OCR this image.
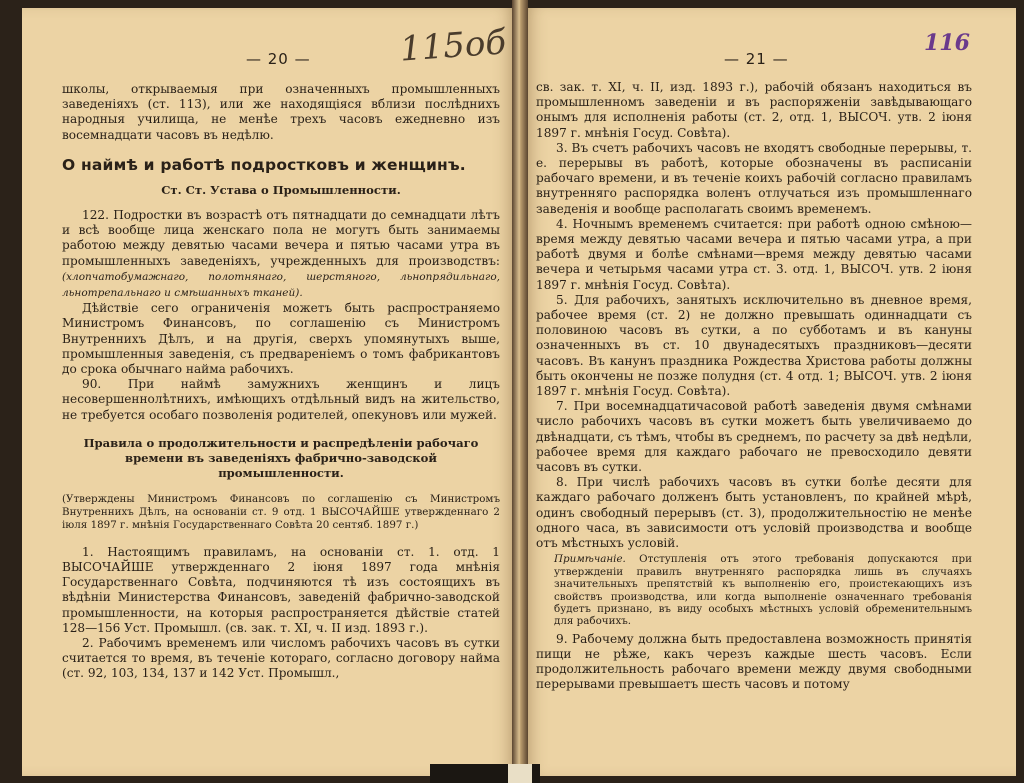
— 20 —	115об

школы, открываемыя при означенныхъ промышленныхъ заведенiяхъ (ст. 113), или же находящiяся вблизи послѣднихъ народныя училища, не менѣе трехъ часовъ ежедневно изъ восемнадцати часовъ въ недѣлю.

О наймѣ и работѣ подростковъ и женщинъ.

Ст. Ст. Устава о Промышленности.

122. Подростки въ возрастѣ отъ пятнадцати до семнадцати лѣтъ и всѣ вообще лица женскаго пола не могутъ быть занимаемы работою между девятью часами вечера и пятью часами утра въ промышленныхъ заведенiяхъ, учрежденныхъ для производствъ: (хлопчатобумажнаго, полотнянаго, шерстяного, льнопрядильнаго, льнотрепальнаго и смѣшанныхъ тканей).

Дѣйствiе сего ограниченiя можетъ быть распространяемо Министромъ Финансовъ, по соглашенiю съ Министромъ Внутреннихъ Дѣлъ, и на другiя, сверхъ упомянутыхъ выше, промышленныя заведенiя, съ предваренiемъ о томъ фабрикантовъ до срока обычнаго найма рабочихъ.

90. При наймѣ замужнихъ женщинъ и лицъ несовершеннолѣтнихъ, имѣющихъ отдѣльный видъ на жительство, не требуется особаго позволенiя родителей, опекуновъ или мужей.

Правила о продолжительности и распредѣленiи рабочаго времени въ заведенiяхъ фабрично-заводской промышленности.

(Утверждены Министромъ Финансовъ по соглашенiю съ Министромъ Внутреннихъ Дѣлъ, на основанiи ст. 9 отд. 1 ВЫСОЧАЙШЕ утвержденнаго 2 iюля 1897 г. мнѣнiя Государственнаго Совѣта 20 сентяб. 1897 г.)

1. Настоящимъ правиламъ, на основанiи ст. 1. отд. 1 ВЫСОЧАЙШЕ утвержденнаго 2 iюня 1897 года мнѣнiя Государственнаго Совѣта, подчиняются тѣ изъ состоящихъ въ вѣдѣнiи Министерства Финансовъ, заведенiй фабрично-заводской промышленности, на которыя распространяется дѣйствiе статей 128—156 Уст. Промышл. (св. зак. т. XI, ч. II изд. 1893 г.).

2. Рабочимъ временемъ или числомъ рабочихъ часовъ въ сутки считается то время, въ теченiе котораго, согласно договору найма (ст. 92, 103, 134, 137 и 142 Уст. Промышл.,

— 21 —
116

св. зак. т. XI, ч. II, изд. 1893 г.), рабочiй обязанъ находиться въ промышленномъ заведенiи и въ распоряженiи завѣдывающаго онымъ для исполненiя работы (ст. 2, отд. 1, ВЫСОЧ. утв. 2 iюня 1897 г. мнѣнiя Госуд. Совѣта).

3. Въ счетъ рабочихъ часовъ не входятъ свободные перерывы, т. е. перерывы въ работѣ, которые обозначены въ расписанiи рабочаго времени, и въ теченiе коихъ рабочiй согласно правиламъ внутренняго распорядка воленъ отлучаться изъ промышленнаго заведенiя и вообще располагать своимъ временемъ.

4. Ночнымъ временемъ считается: при работѣ одною смѣною—время между девятью часами вечера и пятью часами утра, а при работѣ двумя и болѣе смѣнами—время между девятью часами вечера и четырьмя часами утра ст. 3. отд. 1, ВЫСОЧ. утв. 2 iюня 1897 г. мнѣнiя Госуд. Совѣта).

5. Для рабочихъ, занятыхъ исключительно въ дневное время, рабочее время (ст. 2) не должно превышать одиннадцати съ половиною часовъ въ сутки, а по субботамъ и въ кануны означенныхъ въ ст. 10 двунадесятыхъ праздниковъ—десяти часовъ. Въ канунъ праздника Рождества Христова работы должны быть окончены не позже полудня (ст. 4 отд. 1; ВЫСОЧ. утв. 2 iюня 1897 г. мнѣнiя Госуд. Совѣта).

7. При восемнадцатичасовой работѣ заведенiя двумя смѣнами число рабочихъ часовъ въ сутки можетъ быть увеличиваемо до двѣнадцати, съ тѣмъ, чтобы въ среднемъ, по расчету за двѣ недѣли, рабочее время для каждаго рабочаго не превосходило девяти часовъ въ сутки.

8. При числѣ рабочихъ часовъ въ сутки болѣе десяти для каждаго рабочаго долженъ быть установленъ, по крайней мѣрѣ, одинъ свободный перерывъ (ст. 3), продолжительностiю не менѣе одного часа, въ зависимости отъ условiй производства и вообще отъ мѣстныхъ условiй.

Примѣчанiе. Отступленiя отъ этого требованiя допускаются при утвержденiи правилъ внутренняго распорядка лишь въ случаяхъ значительныхъ препятствiй къ выполненiю его, проистекающихъ изъ свойствъ производства, или когда выполненiе означеннаго требованiя будетъ признано, въ виду особыхъ мѣстныхъ условiй обременительнымъ для рабочихъ.

9. Рабочему должна быть предоставлена возможность принятiя пищи не рѣже, какъ черезъ каждые шесть часовъ. Если продолжительность рабочаго времени между двумя свободными перерывами превышаетъ шесть часовъ и потому
